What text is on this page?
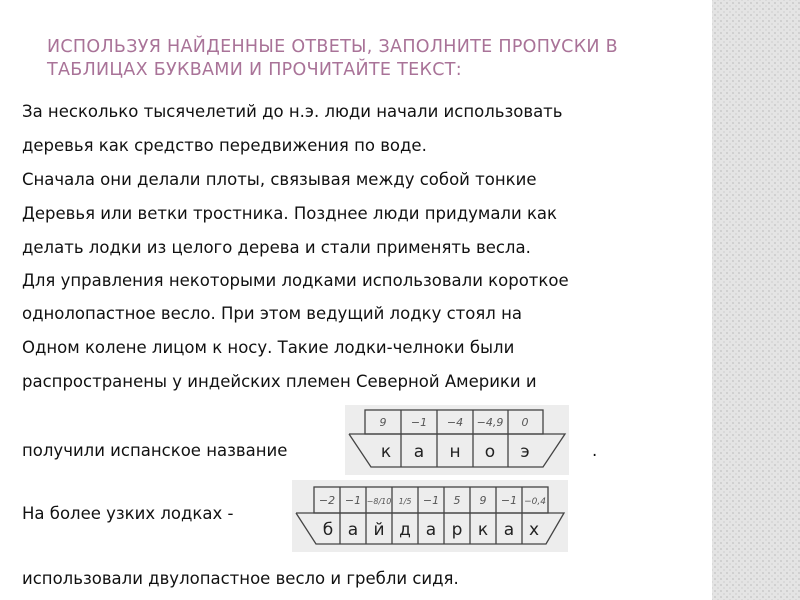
ИСПОЛЬЗУЯ НАЙДЕННЫЕ ОТВЕТЫ, ЗАПОЛНИТЕ ПРОПУСКИ В ТАБЛИЦАХ БУКВАМИ И ПРОЧИТАЙТЕ ТЕКСТ:
За несколько тысячелетий до н.э. люди начали использовать
деревья как средство передвижения по воде.
Сначала они делали плоты, связывая между собой тонкие
Деревья или ветки тростника. Позднее люди придумали как
делать лодки из целого дерева и стали применять весла.
Для управления некоторыми лодками использовали короткое
однолопастное весло. При этом ведущий лодку стоял на
Одном колене лицом к носу. Такие лодки-челноки были
распространены у индейских племен Северной Америки и
получили испанское название	.
На более узких лодках -
использовали двулопастное весло и гребли сидя.
9 −1 −4 −4,9 0
к а н о э
−2 −1 −8/10 1/5 −1 5 9 −1 −0,4
б а й д а р к а х
